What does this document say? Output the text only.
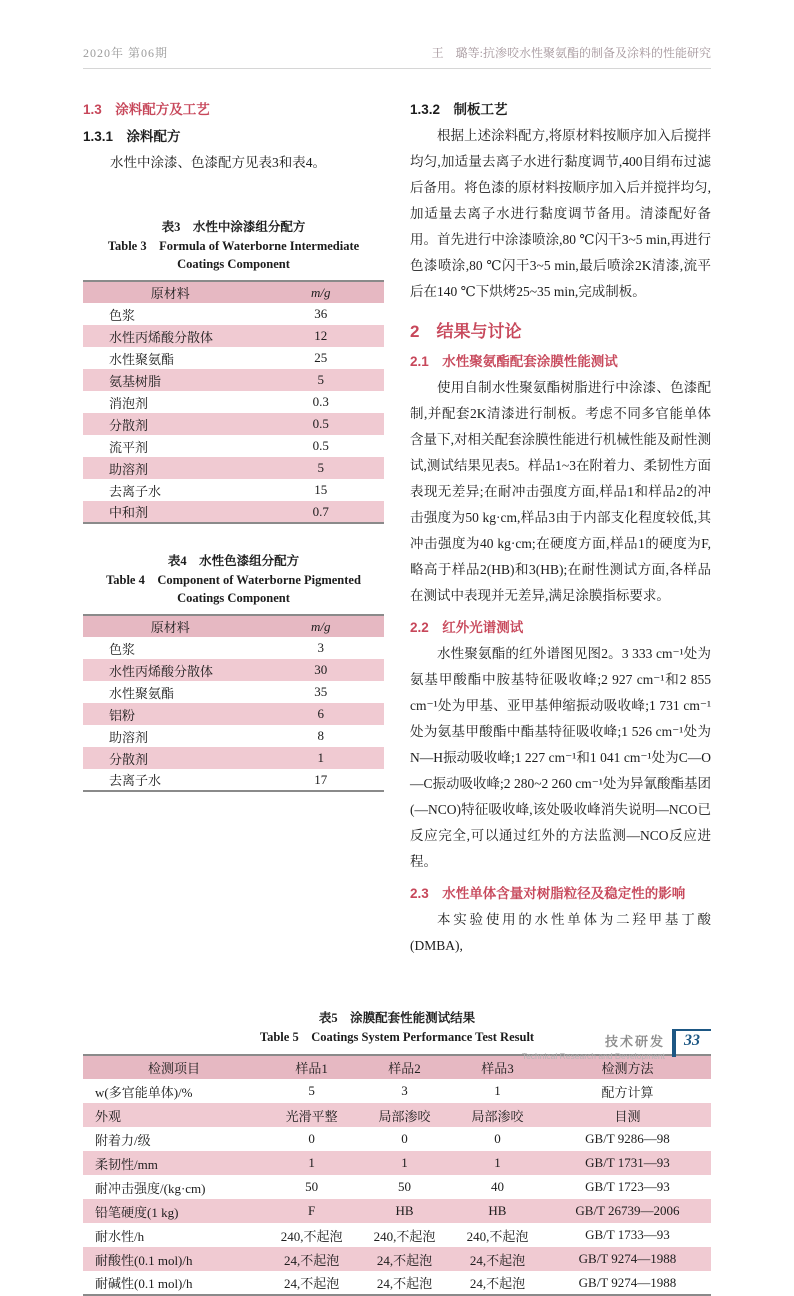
2020年 第06期	王　璐等:抗渗咬水性聚氨酯的制备及涂料的性能研究
1.3　涂料配方及工艺
1.3.1　涂料配方

水性中涂漆、色漆配方见表3和表4。

表3　水性中涂漆组分配方
Table 3　Formula of Waterborne Intermediate Coatings Component
原材料	m/g
色浆	36
水性丙烯酸分散体	12
水性聚氨酯	25
氨基树脂	5
消泡剂	0.3
分散剂	0.5
流平剂	0.5
助溶剂	5
去离子水	15
中和剂	0.7
表4　水性色漆组分配方
Table 4　Component of Waterborne Pigmented Coatings Component
原材料	m/g
色浆	3
水性丙烯酸分散体	30
水性聚氨酯	35
铝粉	6
助溶剂	8
分散剂	1
去离子水	17
1.3.2　制板工艺

根据上述涂料配方,将原材料按顺序加入后搅拌均匀,加适量去离子水进行黏度调节,400目绢布过滤后备用。将色漆的原材料按顺序加入后并搅拌均匀,加适量去离子水进行黏度调节备用。清漆配好备用。首先进行中涂漆喷涂,80 ℃闪干3~5 min,再进行色漆喷涂,80 ℃闪干3~5 min,最后喷涂2K清漆,流平后在140 ℃下烘烤25~35 min,完成制板。

2　结果与讨论
2.1　水性聚氨酯配套涂膜性能测试

使用自制水性聚氨酯树脂进行中涂漆、色漆配制,并配套2K清漆进行制板。考虑不同多官能单体含量下,对相关配套涂膜性能进行机械性能及耐性测试,测试结果见表5。样品1~3在附着力、柔韧性方面表现无差异;在耐冲击强度方面,样品1和样品2的冲击强度为50 kg·cm,样品3由于内部支化程度较低,其冲击强度为40 kg·cm;在硬度方面,样品1的硬度为F,略高于样品2(HB)和3(HB);在耐性测试方面,各样品在测试中表现并无差异,满足涂膜指标要求。

2.2　红外光谱测试

水性聚氨酯的红外谱图见图2。3 333 cm⁻¹处为氨基甲酸酯中胺基特征吸收峰;2 927 cm⁻¹和2 855 cm⁻¹处为甲基、亚甲基伸缩振动吸收峰;1 731 cm⁻¹处为氨基甲酸酯中酯基特征吸收峰;1 526 cm⁻¹处为N—H振动吸收峰;1 227 cm⁻¹和1 041 cm⁻¹处为C—O—C振动吸收峰;2 280~2 260 cm⁻¹处为异氰酸酯基团(—NCO)特征吸收峰,该处吸收峰消失说明—NCO已反应完全,可以通过红外的方法监测—NCO反应进程。

2.3　水性单体含量对树脂粒径及稳定性的影响

本实验使用的水性单体为二羟甲基丁酸(DMBA),

表5　涂膜配套性能测试结果
Table 5　Coatings System Performance Test Result
检测项目	样品1	样品2	样品3	检测方法
w(多官能单体)/%	5	3	1	配方计算
外观	光滑平整	局部渗咬	局部渗咬	目测
附着力/级	0	0	0	GB/T 9286—98
柔韧性/mm	1	1	1	GB/T 1731—93
耐冲击强度/(kg·cm)	50	50	40	GB/T 1723—93
铅笔硬度(1 kg)	F	HB	HB	GB/T 26739—2006
耐水性/h	240,不起泡	240,不起泡	240,不起泡	GB/T 1733—93
耐酸性(0.1 mol)/h	24,不起泡	24,不起泡	24,不起泡	GB/T 9274—1988
耐碱性(0.1 mol)/h	24,不起泡	24,不起泡	24,不起泡	GB/T 9274—1988
技术研发
Technical Research and Development
33
